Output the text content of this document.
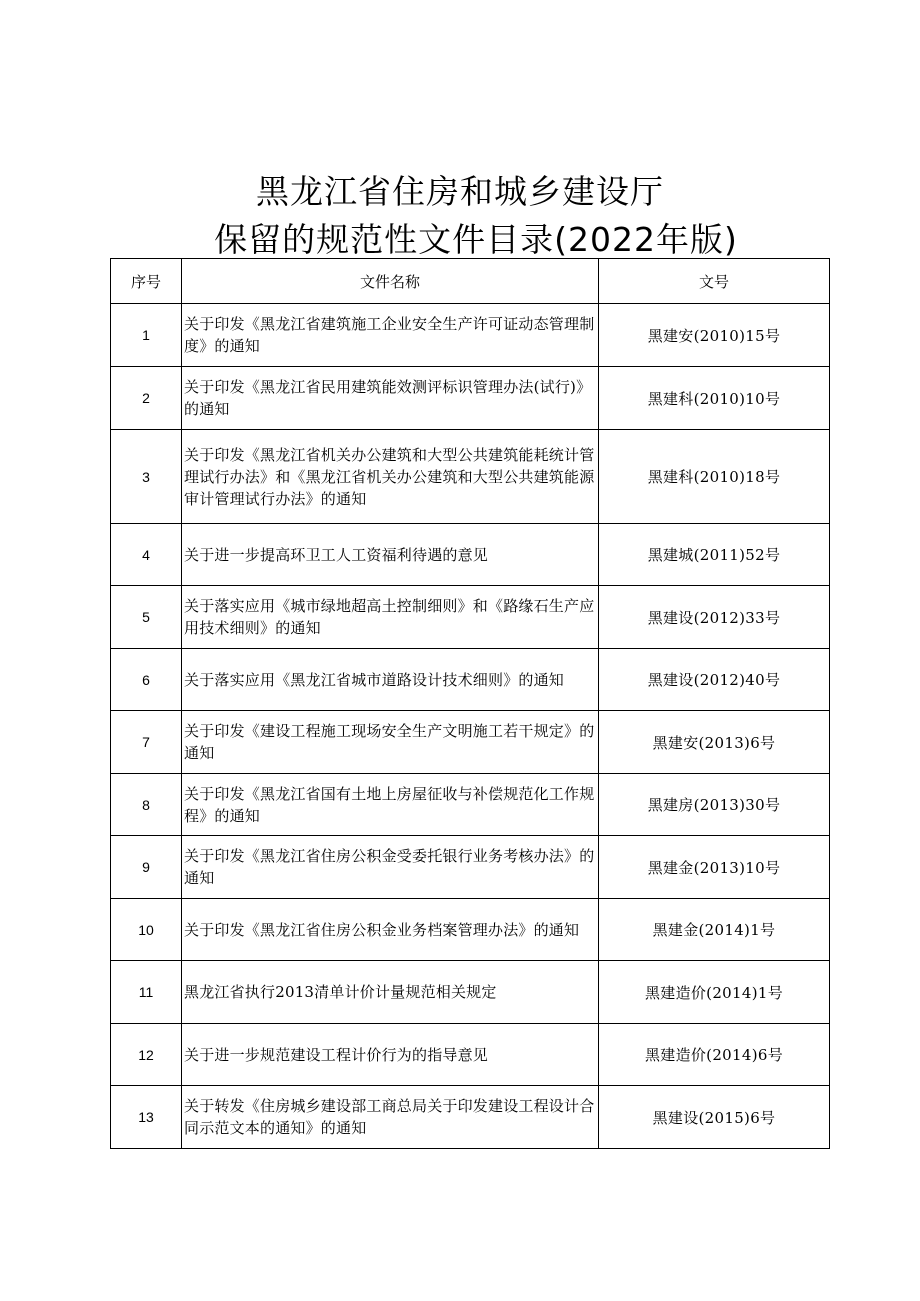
黑龙江省住房和城乡建设厅
保留的规范性文件目录(2022年版)
序号	文件名称	文号
1	关于印发《黑龙江省建筑施工企业安全生产许可证动态管理制度》的通知	黑建安(2010)15号
2	关于印发《黑龙江省民用建筑能效测评标识管理办法(试行)》的通知	黑建科(2010)10号
3	关于印发《黑龙江省机关办公建筑和大型公共建筑能耗统计管理试行办法》和《黑龙江省机关办公建筑和大型公共建筑能源审计管理试行办法》的通知	黑建科(2010)18号
4	关于进一步提高环卫工人工资福利待遇的意见	黑建城(2011)52号
5	关于落实应用《城市绿地超高土控制细则》和《路缘石生产应用技术细则》的通知	黑建设(2012)33号
6	关于落实应用《黑龙江省城市道路设计技术细则》的通知	黑建设(2012)40号
7	关于印发《建设工程施工现场安全生产文明施工若干规定》的通知	黑建安(2013)6号
8	关于印发《黑龙江省国有土地上房屋征收与补偿规范化工作规程》的通知	黑建房(2013)30号
9	关于印发《黑龙江省住房公积金受委托银行业务考核办法》的通知	黑建金(2013)10号
10	关于印发《黑龙江省住房公积金业务档案管理办法》的通知	黑建金(2014)1号
11	黑龙江省执行2013清单计价计量规范相关规定	黑建造价(2014)1号
12	关于进一步规范建设工程计价行为的指导意见	黑建造价(2014)6号
13	关于转发《住房城乡建设部工商总局关于印发建设工程设计合同示范文本的通知》的通知	黑建设(2015)6号
